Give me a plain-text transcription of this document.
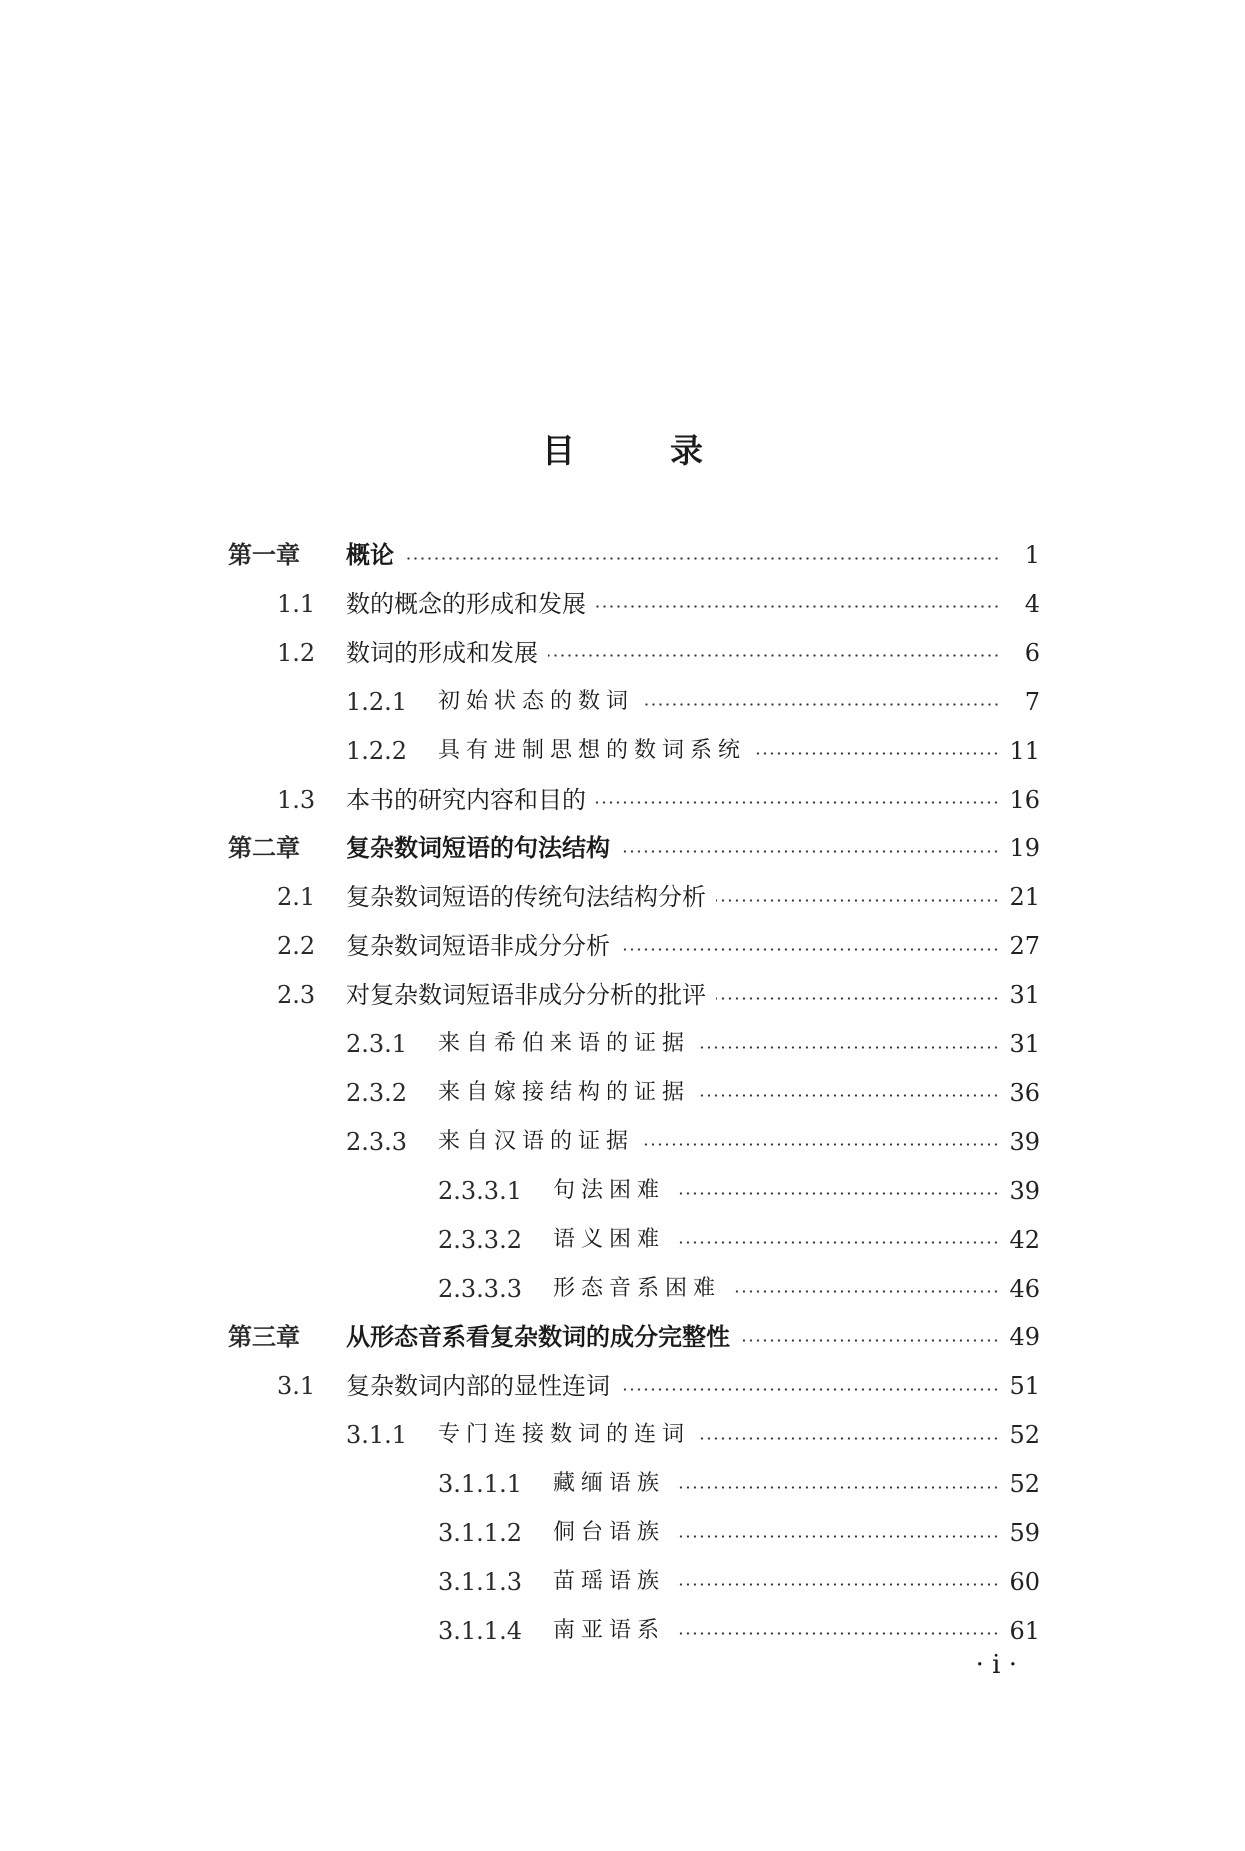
目	录
第一章	概论	1
1.1	数的概念的形成和发展	4
1.2	数词的形成和发展	6
1.2.1	初始状态的数词	7
1.2.2	具有进制思想的数词系统	11
1.3	本书的研究内容和目的	16
第二章	复杂数词短语的句法结构	19
2.1	复杂数词短语的传统句法结构分析	21
2.2	复杂数词短语非成分分析	27
2.3	对复杂数词短语非成分分析的批评	31
2.3.1	来自希伯来语的证据	31
2.3.2	来自嫁接结构的证据	36
2.3.3	来自汉语的证据	39
2.3.3.1	句法困难	39
2.3.3.2	语义困难	42
2.3.3.3	形态音系困难	46
第三章	从形态音系看复杂数词的成分完整性	49
3.1	复杂数词内部的显性连词	51
3.1.1	专门连接数词的连词	52
3.1.1.1	藏缅语族	52
3.1.1.2	侗台语族	59
3.1.1.3	苗瑶语族	60
3.1.1.4	南亚语系	61
· i ·
